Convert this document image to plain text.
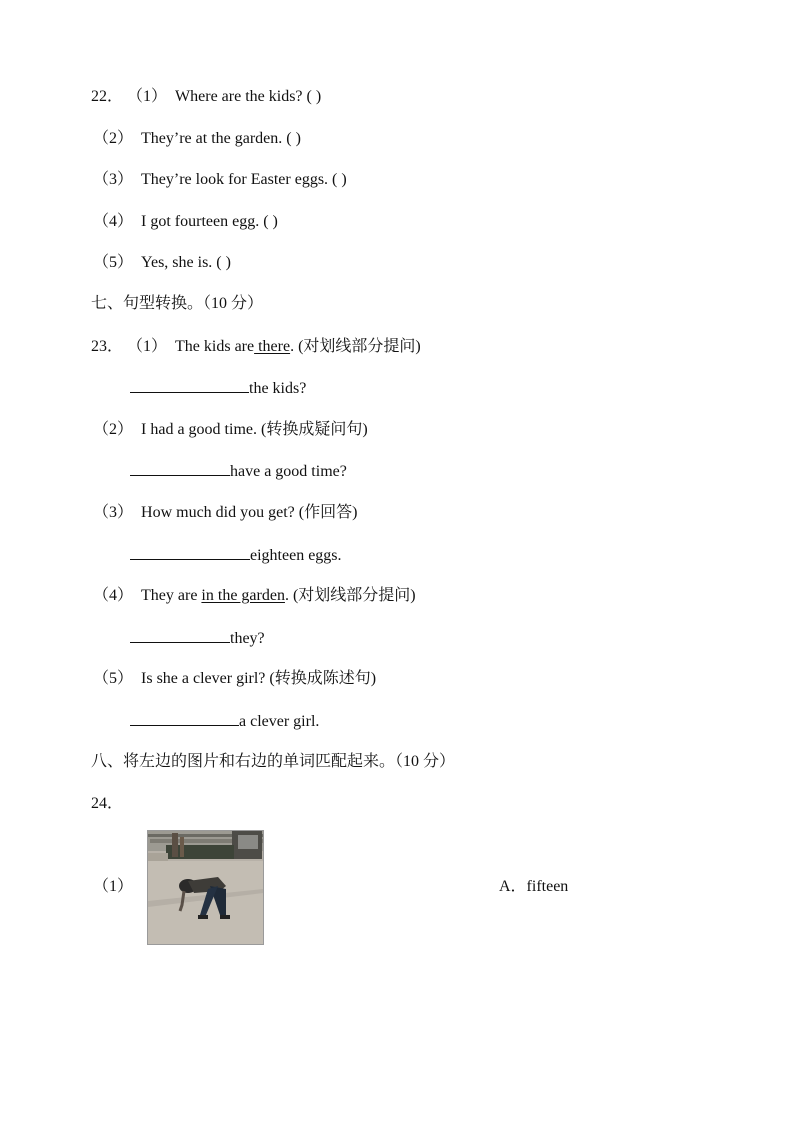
22． （1） Where are the kids? ( )
（2） They’re at the garden. ( )
（3） They’re look for Easter eggs. ( )
（4） I got fourteen egg. ( )
（5） Yes, she is. ( )
七、句型转换。（10 分）
23． （1） The kids are there. (对划线部分提问)
the kids?
（2） I had a good time. (转换成疑问句)
have a good time?
（3） How much did you get? (作回答)
eighteen eggs.
（4） They are in the garden. (对划线部分提问)
they?
（5） Is she a clever girl? (转换成陈述句)
a clever girl.
八、将左边的图片和右边的单词匹配起来。（10 分）
24．
（1）	A．fifteen
